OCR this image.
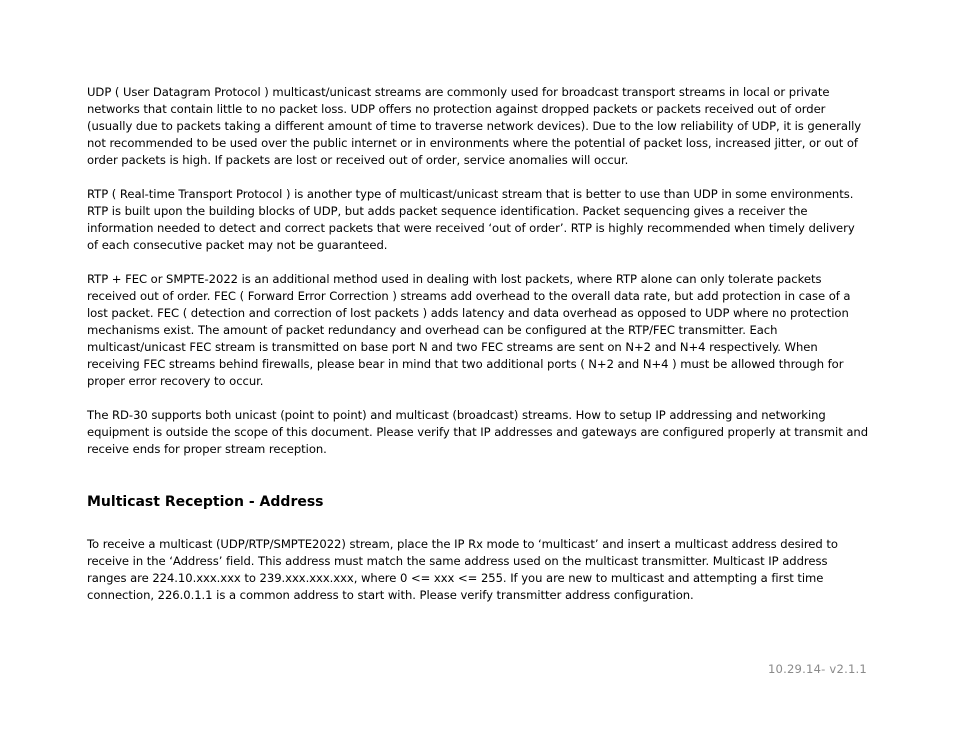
UDP ( User Datagram Protocol ) multicast/unicast streams are commonly used for broadcast transport streams in local or private networks that contain little to no packet loss. UDP offers no protection against dropped packets or packets received out of order (usually due to packets taking a different amount of time to traverse network devices). Due to the low reliability of UDP, it is generally not recommended to be used over the public internet or in environments where the potential of packet loss, increased jitter, or out of order packets is high. If packets are lost or received out of order, service anomalies will occur.

RTP ( Real-time Transport Protocol ) is another type of multicast/unicast stream that is better to use than UDP in some environments. RTP is built upon the building blocks of UDP, but adds packet sequence identification. Packet sequencing gives a receiver the information needed to detect and correct packets that were received ‘out of order’. RTP is highly recommended when timely delivery of each consecutive packet may not be guaranteed.

RTP + FEC or SMPTE-2022 is an additional method used in dealing with lost packets, where RTP alone can only tolerate packets received out of order. FEC ( Forward Error Correction ) streams add overhead to the overall data rate, but add protection in case of a lost packet. FEC ( detection and correction of lost packets ) adds latency and data overhead as opposed to UDP where no protection mechanisms exist. The amount of packet redundancy and overhead can be configured at the RTP/FEC transmitter. Each multicast/unicast FEC stream is transmitted on base port N and two FEC streams are sent on N+2 and N+4 respectively. When receiving FEC streams behind firewalls, please bear in mind that two additional ports ( N+2 and N+4 ) must be allowed through for proper error recovery to occur.

The RD-30 supports both unicast (point to point) and multicast (broadcast) streams. How to setup IP addressing and networking equipment is outside the scope of this document. Please verify that IP addresses and gateways are configured properly at transmit and receive ends for proper stream reception.

Multicast Reception - Address

To receive a multicast (UDP/RTP/SMPTE2022) stream, place the IP Rx mode to ‘multicast’ and insert a multicast address desired to receive in the ‘Address’ field. This address must match the same address used on the multicast transmitter. Multicast IP address ranges are 224.10.xxx.xxx to 239.xxx.xxx.xxx, where 0 <= xxx <= 255. If you are new to multicast and attempting a first time connection, 226.0.1.1 is a common address to start with. Please verify transmitter address configuration.

10.29.14- v2.1.1
